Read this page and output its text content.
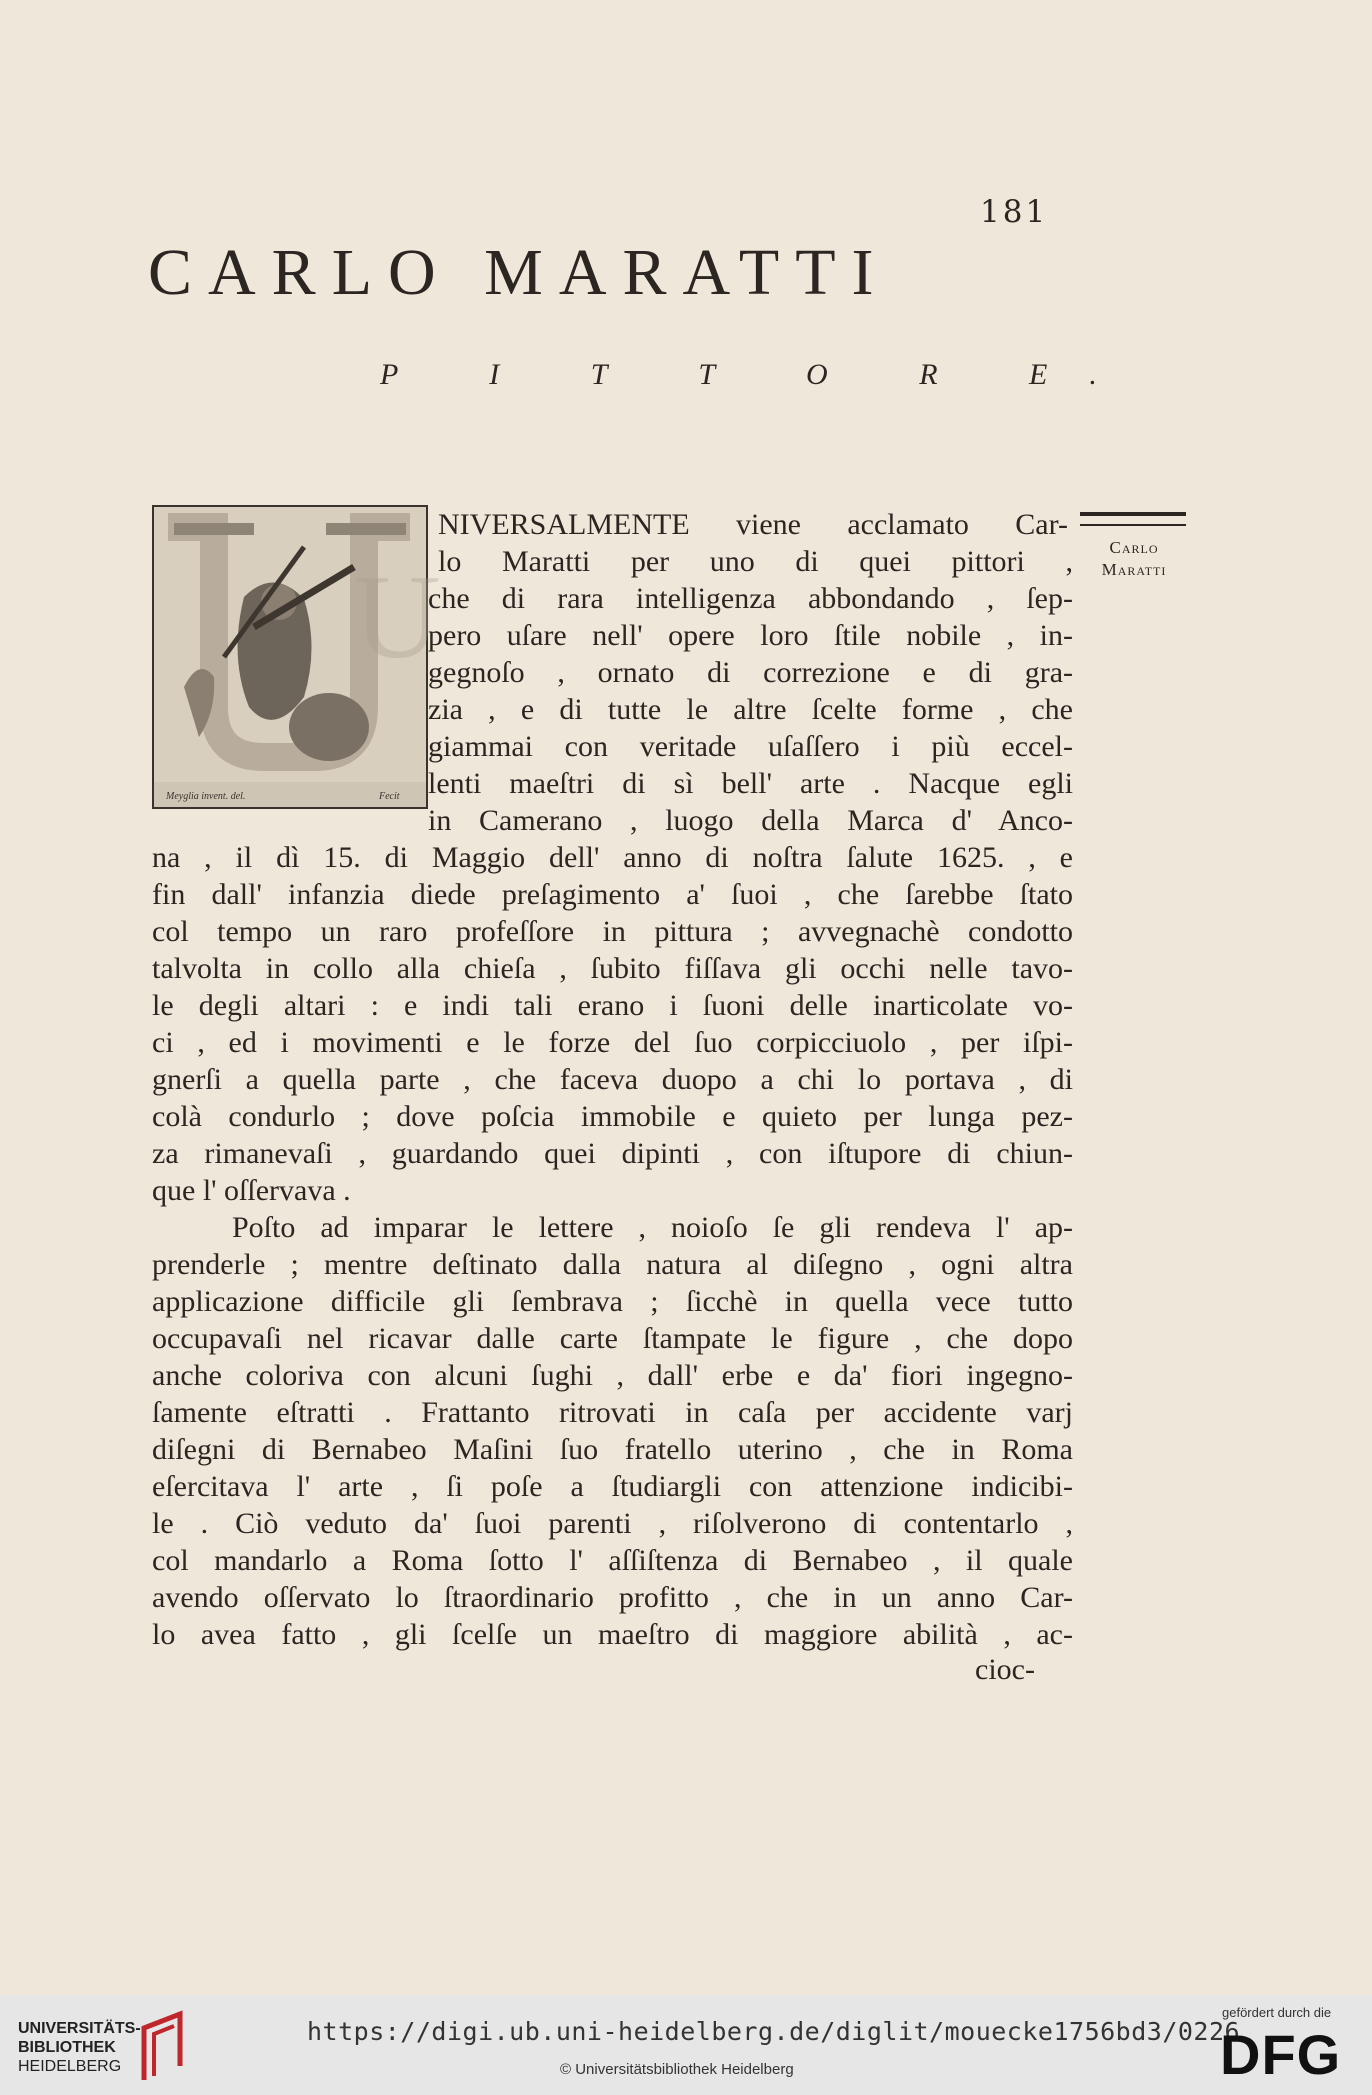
181
CARLO MARATTI
P I T T O R E.
Meyglia invent. del.	Fecit
U
Carlo
Maratti
NIVERSALMENTE viene acclamato Car-
lo Maratti per uno di quei pittori ,
che di rara intelligenza abbondando , ſep-
pero uſare nell' opere loro ſtile nobile , in-
gegnoſo , ornato di correzione e di gra-
zia , e di tutte le altre ſcelte forme , che
giammai con veritade uſaſſero i più eccel-
lenti maeſtri di sì bell' arte . Nacque egli
in Camerano , luogo della Marca d' Anco-
na , il dì 15. di Maggio dell' anno di noſtra ſalute 1625. , e
fin dall' infanzia diede preſagimento a' ſuoi , che ſarebbe ſtato
col tempo un raro profeſſore in pittura ; avvegnachè condotto
talvolta in collo alla chieſa , ſubito fiſſava gli occhi nelle tavo-
le degli altari : e indi tali erano i ſuoni delle inarticolate vo-
ci , ed i movimenti e le forze del ſuo corpicciuolo , per iſpi-
gnerſi a quella parte , che faceva duopo a chi lo portava , di
colà condurlo ; dove poſcia immobile e quieto per lunga pez-
za rimanevaſi , guardando quei dipinti , con iſtupore di chiun-
que l' oſſervava .
Poſto ad imparar le lettere , noioſo ſe gli rendeva l' ap-
prenderle ; mentre deſtinato dalla natura al diſegno , ogni altra
applicazione difficile gli ſembrava ; ſicchè in quella vece tutto
occupavaſi nel ricavar dalle carte ſtampate le figure , che dopo
anche coloriva con alcuni ſughi , dall' erbe e da' fiori ingegno-
ſamente eſtratti . Frattanto ritrovati in caſa per accidente varj
diſegni di Bernabeo Maſini ſuo fratello uterino , che in Roma
eſercitava l' arte , ſi poſe a ſtudiargli con attenzione indicibi-
le . Ciò veduto da' ſuoi parenti , riſolverono di contentarlo ,
col mandarlo a Roma ſotto l' aſſiſtenza di Bernabeo , il quale
avendo oſſervato lo ſtraordinario profitto , che in un anno Car-
lo avea fatto , gli ſcelſe un maeſtro di maggiore abilità , ac-
cioc-
UNIVERSITÄTS-
BIBLIOTHEK
HEIDELBERG
https://digi.ub.uni-heidelberg.de/diglit/mouecke1756bd3/0226
© Universitätsbibliothek Heidelberg
gefördert durch die
DFG
